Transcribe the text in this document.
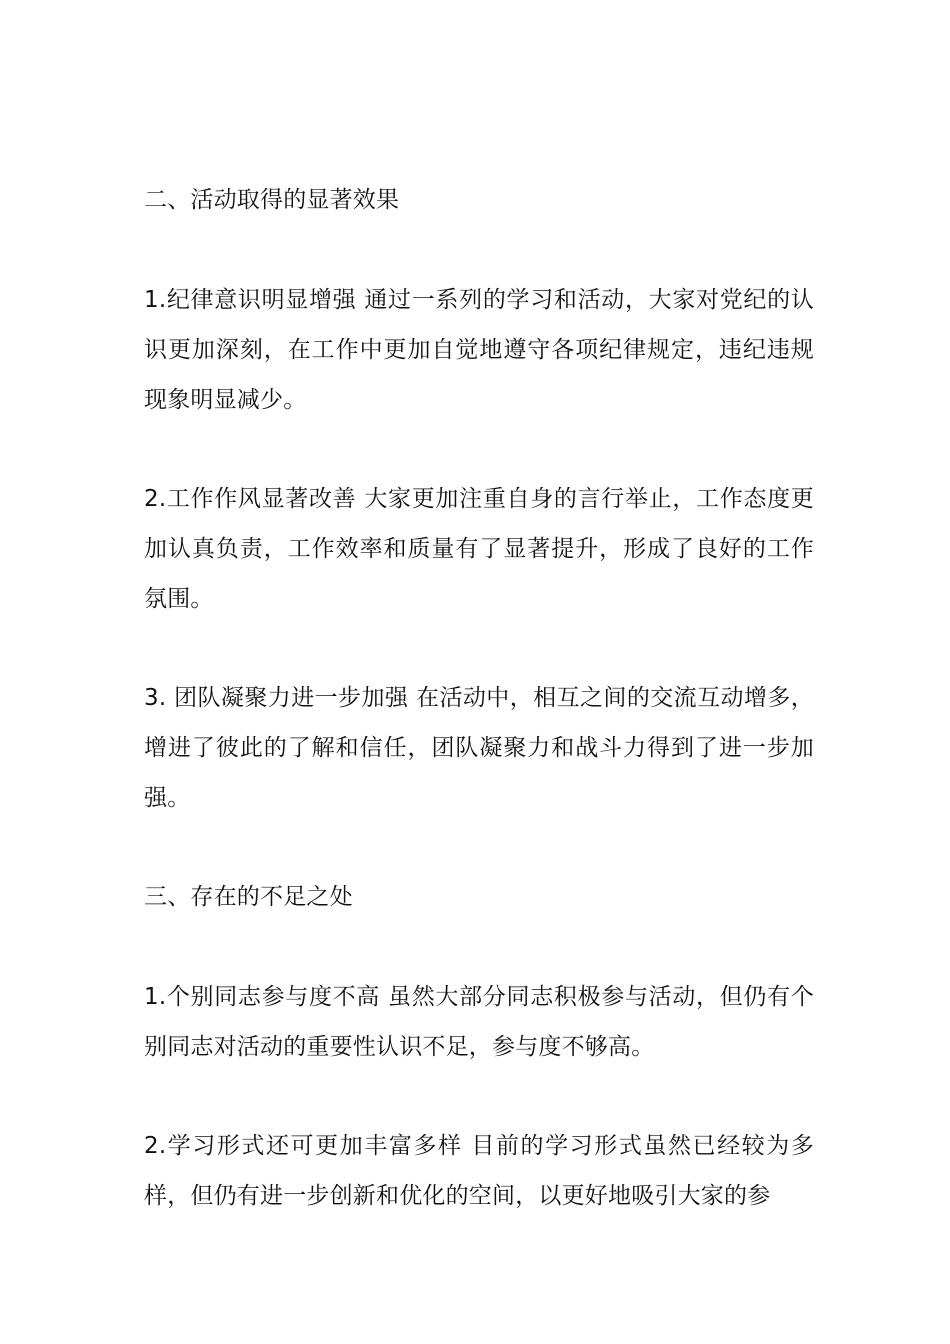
二、活动取得的显著效果

1.纪律意识明显增强 通过一系列的学习和活动，大家对党纪的认识更加深刻，在工作中更加自觉地遵守各项纪律规定，违纪违规现象明显减少。

2.工作作风显著改善 大家更加注重自身的言行举止，工作态度更加认真负责，工作效率和质量有了显著提升，形成了良好的工作氛围。

3. 团队凝聚力进一步加强 在活动中，相互之间的交流互动增多，增进了彼此的了解和信任，团队凝聚力和战斗力得到了进一步加强。

三、存在的不足之处

1.个别同志参与度不高 虽然大部分同志积极参与活动，但仍有个别同志对活动的重要性认识不足，参与度不够高。

2.学习形式还可更加丰富多样 目前的学习形式虽然已经较为多样，但仍有进一步创新和优化的空间，以更好地吸引大家的参
